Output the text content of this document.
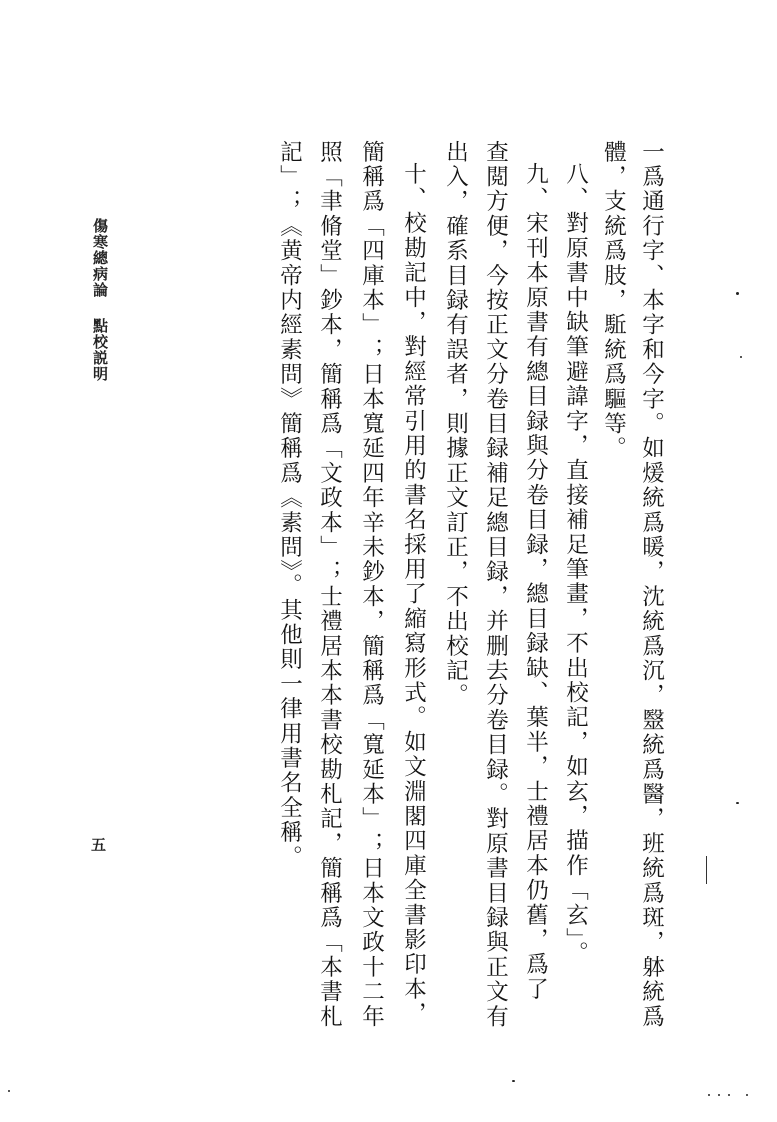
一爲通行字、本字和今字。如煖統爲暖，沈統爲沉，毉統爲醫，班統爲斑，躰統爲
體，支統爲肢，駈統爲驅等。
八、對原書中缺筆避諱字，直接補足筆畫，不出校記，如玄，描作「玄」。
九、宋刊本原書有總目録與分卷目録，總目録缺、葉半，士禮居本仍舊，爲了
查閲方便，今按正文分卷目録補足總目録，并删去分卷目録。對原書目録與正文有
出入，確系目録有誤者，則據正文訂正，不出校記。
十、校勘記中，對經常引用的書名採用了縮寫形式。如文淵閣四庫全書影印本，
簡稱爲「四庫本」；日本寬延四年辛未鈔本，簡稱爲「寬延本」；日本文政十二年
照「聿脩堂」鈔本，簡稱爲「文政本」；士禮居本本書校勘札記，簡稱爲「本書札
記」；《黄帝内經素問》簡稱爲《素問》。其他則一律用書名全稱。
傷寒總病論
點校説明
五
